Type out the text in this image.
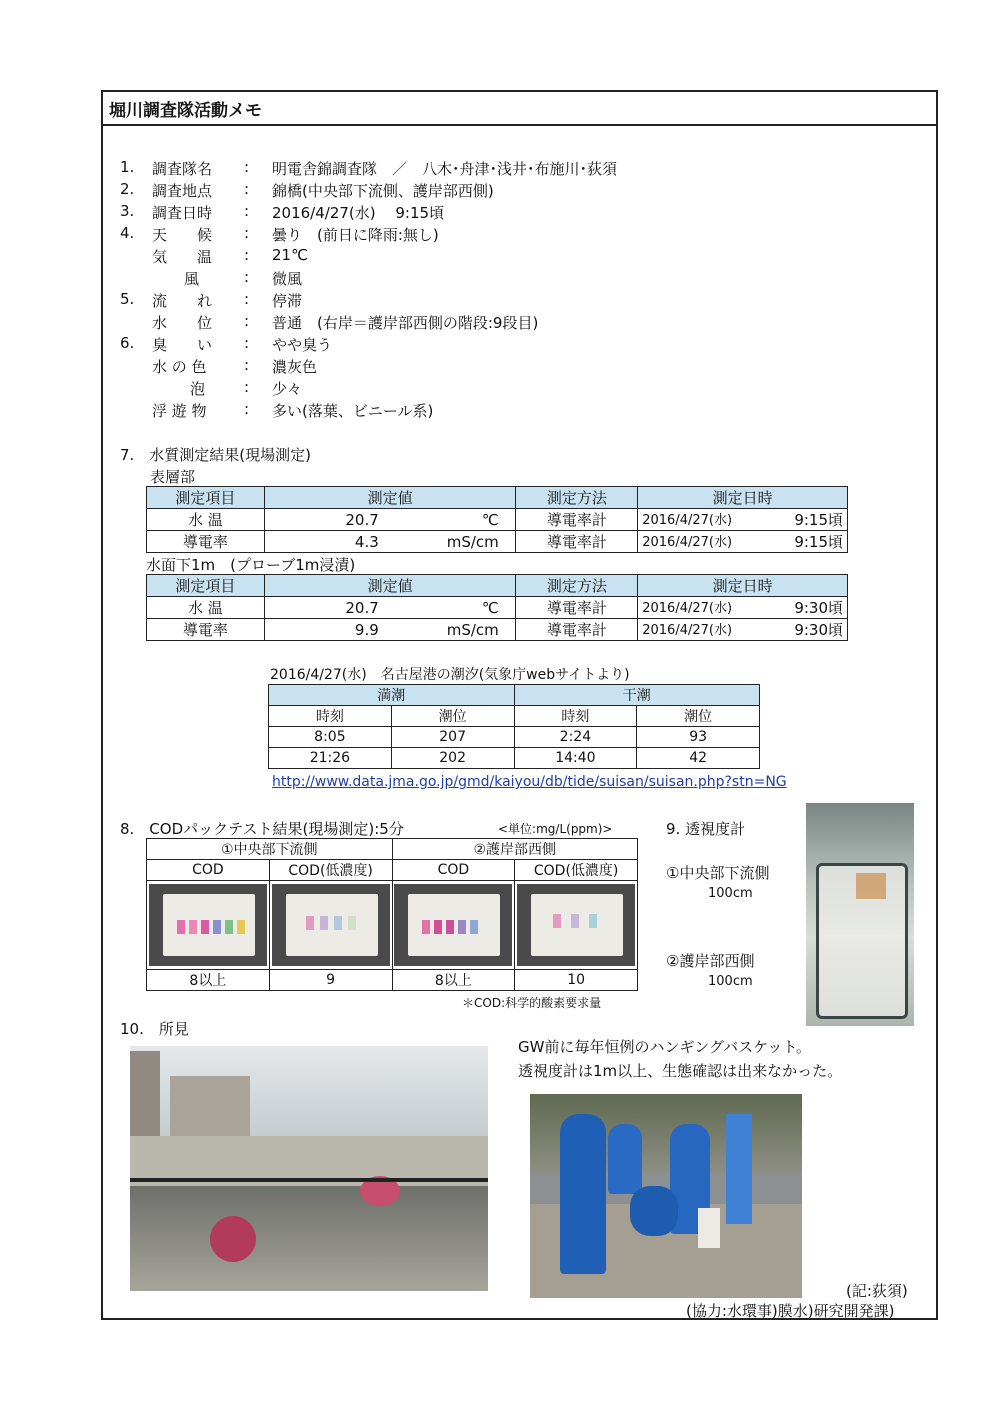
堀川調査隊活動メモ
1. 調査隊名 : 明電舎錦調査隊　／　八木･舟津･浅井･布施川･荻須
2. 調査地点 : 錦橋(中央部下流側、護岸部西側)
3. 調査日時 : 2016/4/27(水)　 9:15頃
4. 天　　候 : 曇り　(前日に降雨:無し)
気　　温 : 21℃
風	: 微風
5. 流　　れ : 停滞
水　　位 : 普通　(右岸＝護岸部西側の階段:9段目)
6. 臭　　い : やや臭う
水 の 色 : 濃灰色
泡	: 少々
浮 遊 物 : 多い(落葉、ビニール系)
7.　水質測定結果(現場測定)
表層部
測定項目	測定値	測定方法	測定日時
水 温	20.7 ℃	導電率計	2016/4/27(水) 9:15頃

導電率	4.3 mS/cm	導電率計	2016/4/27(水) 9:15頃
水面下1m　(プローブ1m浸漬)
測定項目	測定値	測定方法	測定日時
水 温	20.7 ℃	導電率計	2016/4/27(水) 9:30頃

導電率	9.9 mS/cm	導電率計	2016/4/27(水) 9:30頃
2016/4/27(水)　名古屋港の潮汐(気象庁webサイトより)
満潮		干潮	
時刻	潮位	時刻	潮位
8:05	207	2:24	93
21:26	202	14:40	42
http://www.data.jma.go.jp/gmd/kaiyou/db/tide/suisan/suisan.php?stn=NG
8.　CODパックテスト結果(現場測定):5分	<単位:mg/L(ppm)>
①中央部下流側		②護岸部西側	
COD	COD(低濃度)	COD	COD(低濃度)

8以上	9	8以上	10
＊COD:科学的酸素要求量
9. 透視度計
①中央部下流側
100cm
②護岸部西側
100cm
10.　所見
GW前に毎年恒例のハンギングバスケット。
透視度計は1m以上、生態確認は出来なかった。
(記:荻須)
(協力:水環事)膜水)研究開発課)
